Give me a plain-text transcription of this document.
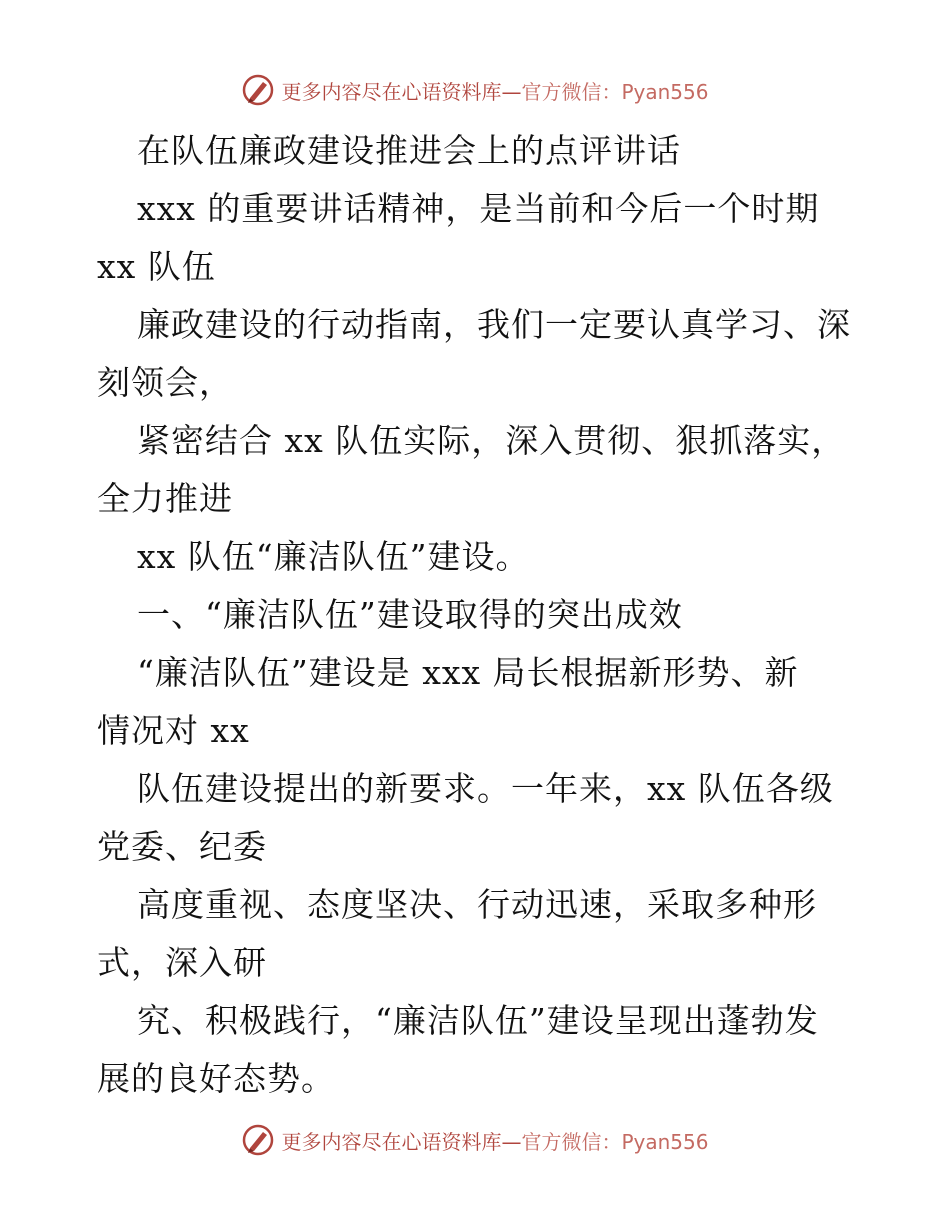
更多内容尽在心语资料库—官方微信：Pyan556
在队伍廉政建设推进会上的点评讲话
xxx 的重要讲话精神，是当前和今后一个时期
xx 队伍
廉政建设的行动指南，我们一定要认真学习、深
刻领会，
紧密结合 xx 队伍实际，深入贯彻、狠抓落实，
全力推进
xx 队伍“廉洁队伍”建设。
一、“廉洁队伍”建设取得的突出成效
“廉洁队伍”建设是 xxx 局长根据新形势、新
情况对 xx
队伍建设提出的新要求。一年来，xx 队伍各级
党委、纪委
高度重视、态度坚决、行动迅速，采取多种形
式，深入研
究、积极践行，“廉洁队伍”建设呈现出蓬勃发
展的良好态势。
更多内容尽在心语资料库—官方微信：Pyan556
